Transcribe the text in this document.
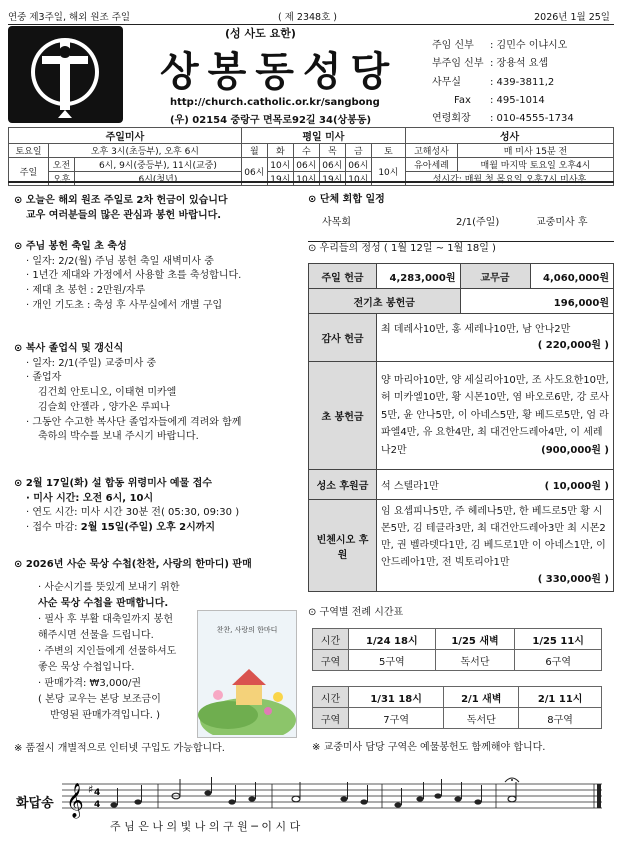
연중 제3주일, 해외 원조 주일	( 제 2348호 )	2026년 1월 25일
(성 사도 요한)
상봉동성당
http://church.catholic.or.kr/sangbong
(우) 02154 중랑구 면목로92길 34(상봉동)
주임 신부 : 김민수 이냐시오
부주임 신부 : 장용석 요셉
사무실	: 439-3811,2
Fax : 495-1014
연령회장 : 010-4555-1734
주일미사			평일 미사						성사	
토요일	오후 3시(초등부), 오후 6시		월	화	수	목	금	토	고해성사	매 미사 15분 전
주일	오전	6시, 9시(중등부), 11시(교중)	06시	10시	06시	06시	06시	10시	유아세례	매월 마지막 토요일 오후4시
	오후	6시(청년)		19시	10시	19시	10시		성시간: 매월 첫 목요일 오후7시 미사후	
⊙ 오늘은 해외 원조 주일로 2차 헌금이 있습니다
교우 여러분들의 많은 관심과 봉헌 바랍니다.
⊙ 주님 봉헌 축일 초 축성
· 일자: 2/2(월) 주님 봉헌 축일 새벽미사 중
· 1년간 제대와 가정에서 사용할 초를 축성합니다.
· 제대 초 봉헌 : 2만원/자루
· 개인 기도초 : 축성 후 사무실에서 개별 구입
⊙ 복사 졸업식 및 갱신식
· 일자: 2/1(주일) 교중미사 중
· 졸업자
김건희 안토니오, 이태현 미카엘
김슬희 안젤라 , 양가온 루피나
· 그동안 수고한 복사단 졸업자들에게 격려와 함께
축하의 박수를 보내 주시기 바랍니다.
⊙ 2월 17일(화) 설 합동 위령미사 예물 접수
· 미사 시간: 오전 6시, 10시
· 연도 시간: 미사 시간 30분 전( 05:30, 09:30 )
· 접수 마감: 2월 15일(주일) 오후 2시까지
⊙ 2026년 사순 묵상 수첩(찬찬, 사랑의 한마디) 판매
· 사순시기를 뜻있게 보내기 위한
사순 묵상 수첩을 판매합니다.
· 필사 후 부활 대축일까지 봉헌
해주시면 선물을 드립니다.
· 주변의 지인들에게 선물하셔도
좋은 묵상 수첩입니다.
· 판매가격: ₩3,000/권
( 본당 교우는 본당 보조금이
반영된 판매가격입니다. )
찬찬, 사랑의 한마디
※ 품절시 개별적으로 인터넷 구입도 가능합니다.
⊙ 단체 회합 일정
사목회	2/1(주일)	교중미사 후
⊙ 우리들의 정성 ( 1월 12일 ~ 1월 18일 )
주일 헌금	4,283,000원	교무금	4,060,000원
전기초 봉헌금		196,000원	
감사 헌금	최 데레사10만, 홍 세레나10만, 남 안나2만
( 220,000원 )		

초 봉헌금	양 마리아10만, 양 세실리아10만, 조 사도요한10만, 허 미카엘10만, 황 시몬10만, 염 바오로6만, 강 로사5만, 윤 안나5만, 이 아네스5만, 황 베드로5만, 엄 라파엘4만, 유 요한4만, 최 대건안드레아4만, 이 세레나2만 (900,000원 )		

성소 후원금	석 스텔라1만 ( 10,000원 )		

빈첸시오 후원	임 요셉피나5만, 주 헤레나5만, 한 베드로5만 황 시몬5만, 김 테클라3만, 최 대건안드레아3만 최 시몬2만, 권 벨라뎃다1만, 김 베드로1만 이 아네스1만, 이 안드레아1만, 전 빅토리아1만
( 330,000원 )		
⊙ 구역별 전례 시간표
시간	1/24 18시	1/25 새벽	1/25 11시
구역	5구역	독서단	6구역
시간	1/31 18시	2/1 새벽	2/1 11시
구역	7구역	독서단	8구역
※ 교중미사 담당 구역은 예물봉헌도 함께해야 합니다.
화답송 𝄞 ♯ 4
4
주 님 은 나 의 빛 나 의 구 원 ─ 이 시 다
